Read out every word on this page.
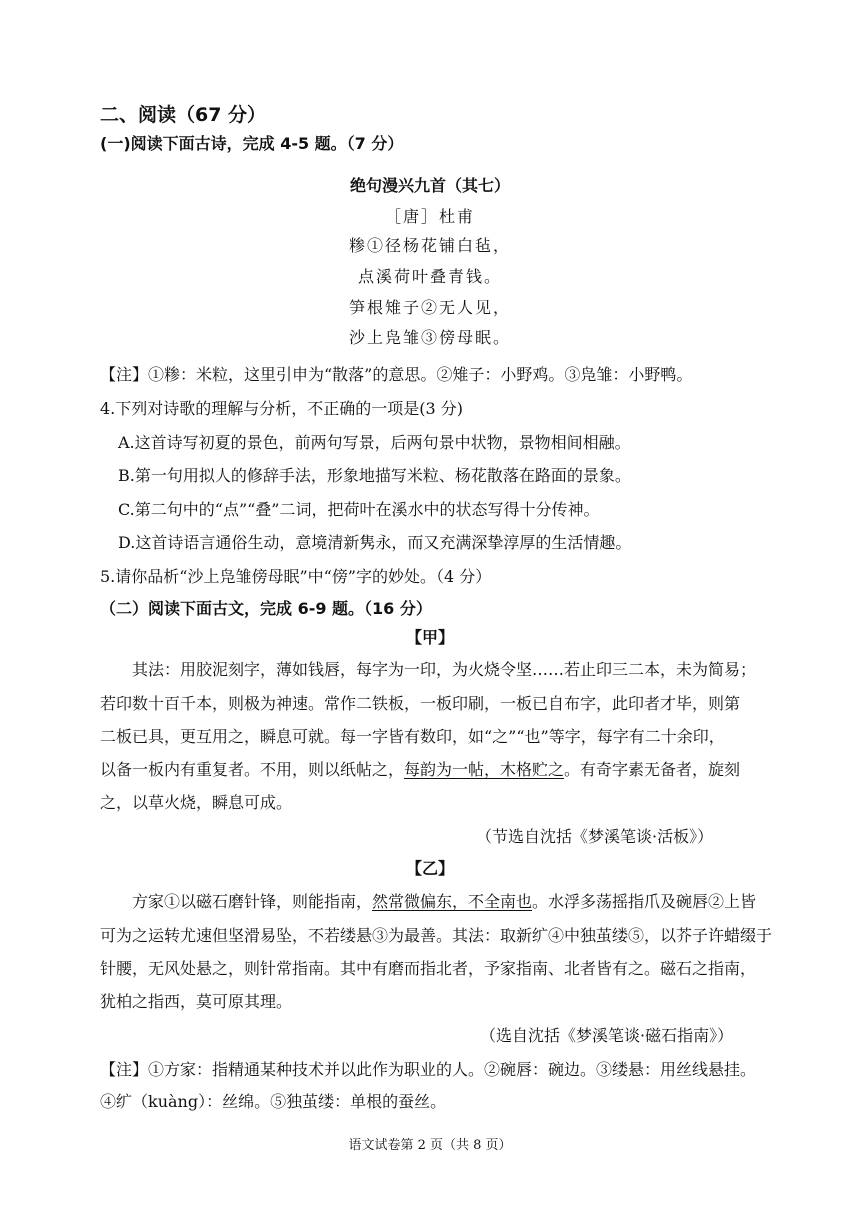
二、阅读（67 分）
(一)阅读下面古诗，完成 4-5 题。（7 分）
绝句漫兴九首（其七）
［唐］杜甫
糁①径杨花铺白毡，
点溪荷叶叠青钱。
笋根雉子②无人见，
沙上凫雏③傍母眠。
【注】①糁：米粒，这里引申为“散落”的意思。②雉子：小野鸡。③凫雏：小野鸭。
4.下列对诗歌的理解与分析，不正确的一项是(3 分)
A.这首诗写初夏的景色，前两句写景，后两句景中状物，景物相间相融。
B.第一句用拟人的修辞手法，形象地描写米粒、杨花散落在路面的景象。
C.第二句中的“点”“叠”二词，把荷叶在溪水中的状态写得十分传神。
D.这首诗语言通俗生动，意境清新隽永，而又充满深挚淳厚的生活情趣。
5.请你品析“沙上凫雏傍母眠”中“傍”字的妙处。（4 分）
（二）阅读下面古文，完成 6-9 题。（16 分）
【甲】
其法：用胶泥刻字，薄如钱唇，每字为一印，为火烧令坚……若止印三二本，未为简易；
若印数十百千本，则极为神速。常作二铁板，一板印刷，一板已自布字，此印者才毕，则第
二板已具，更互用之，瞬息可就。每一字皆有数印，如“之”“也”等字，每字有二十余印，
以备一板内有重复者。不用，则以纸帖之，每韵为一帖，木格贮之。有奇字素无备者，旋刻
之，以草火烧，瞬息可成。
（节选自沈括《梦溪笔谈·活板》）
【乙】
方家①以磁石磨针锋，则能指南，然常微偏东，不全南也。水浮多荡摇指爪及碗唇②上皆
可为之运转尤速但坚滑易坠，不若缕悬③为最善。其法：取新纩④中独茧缕⑤，以芥子许蜡缀于
针腰，无风处悬之，则针常指南。其中有磨而指北者，予家指南、北者皆有之。磁石之指南，
犹柏之指西，莫可原其理。
（选自沈括《梦溪笔谈·磁石指南》）
【注】①方家：指精通某种技术并以此作为职业的人。②碗唇：碗边。③缕悬：用丝线悬挂。
④纩（kuàng）：丝绵。⑤独茧缕：单根的蚕丝。
语文试卷第 2 页（共 8 页）
